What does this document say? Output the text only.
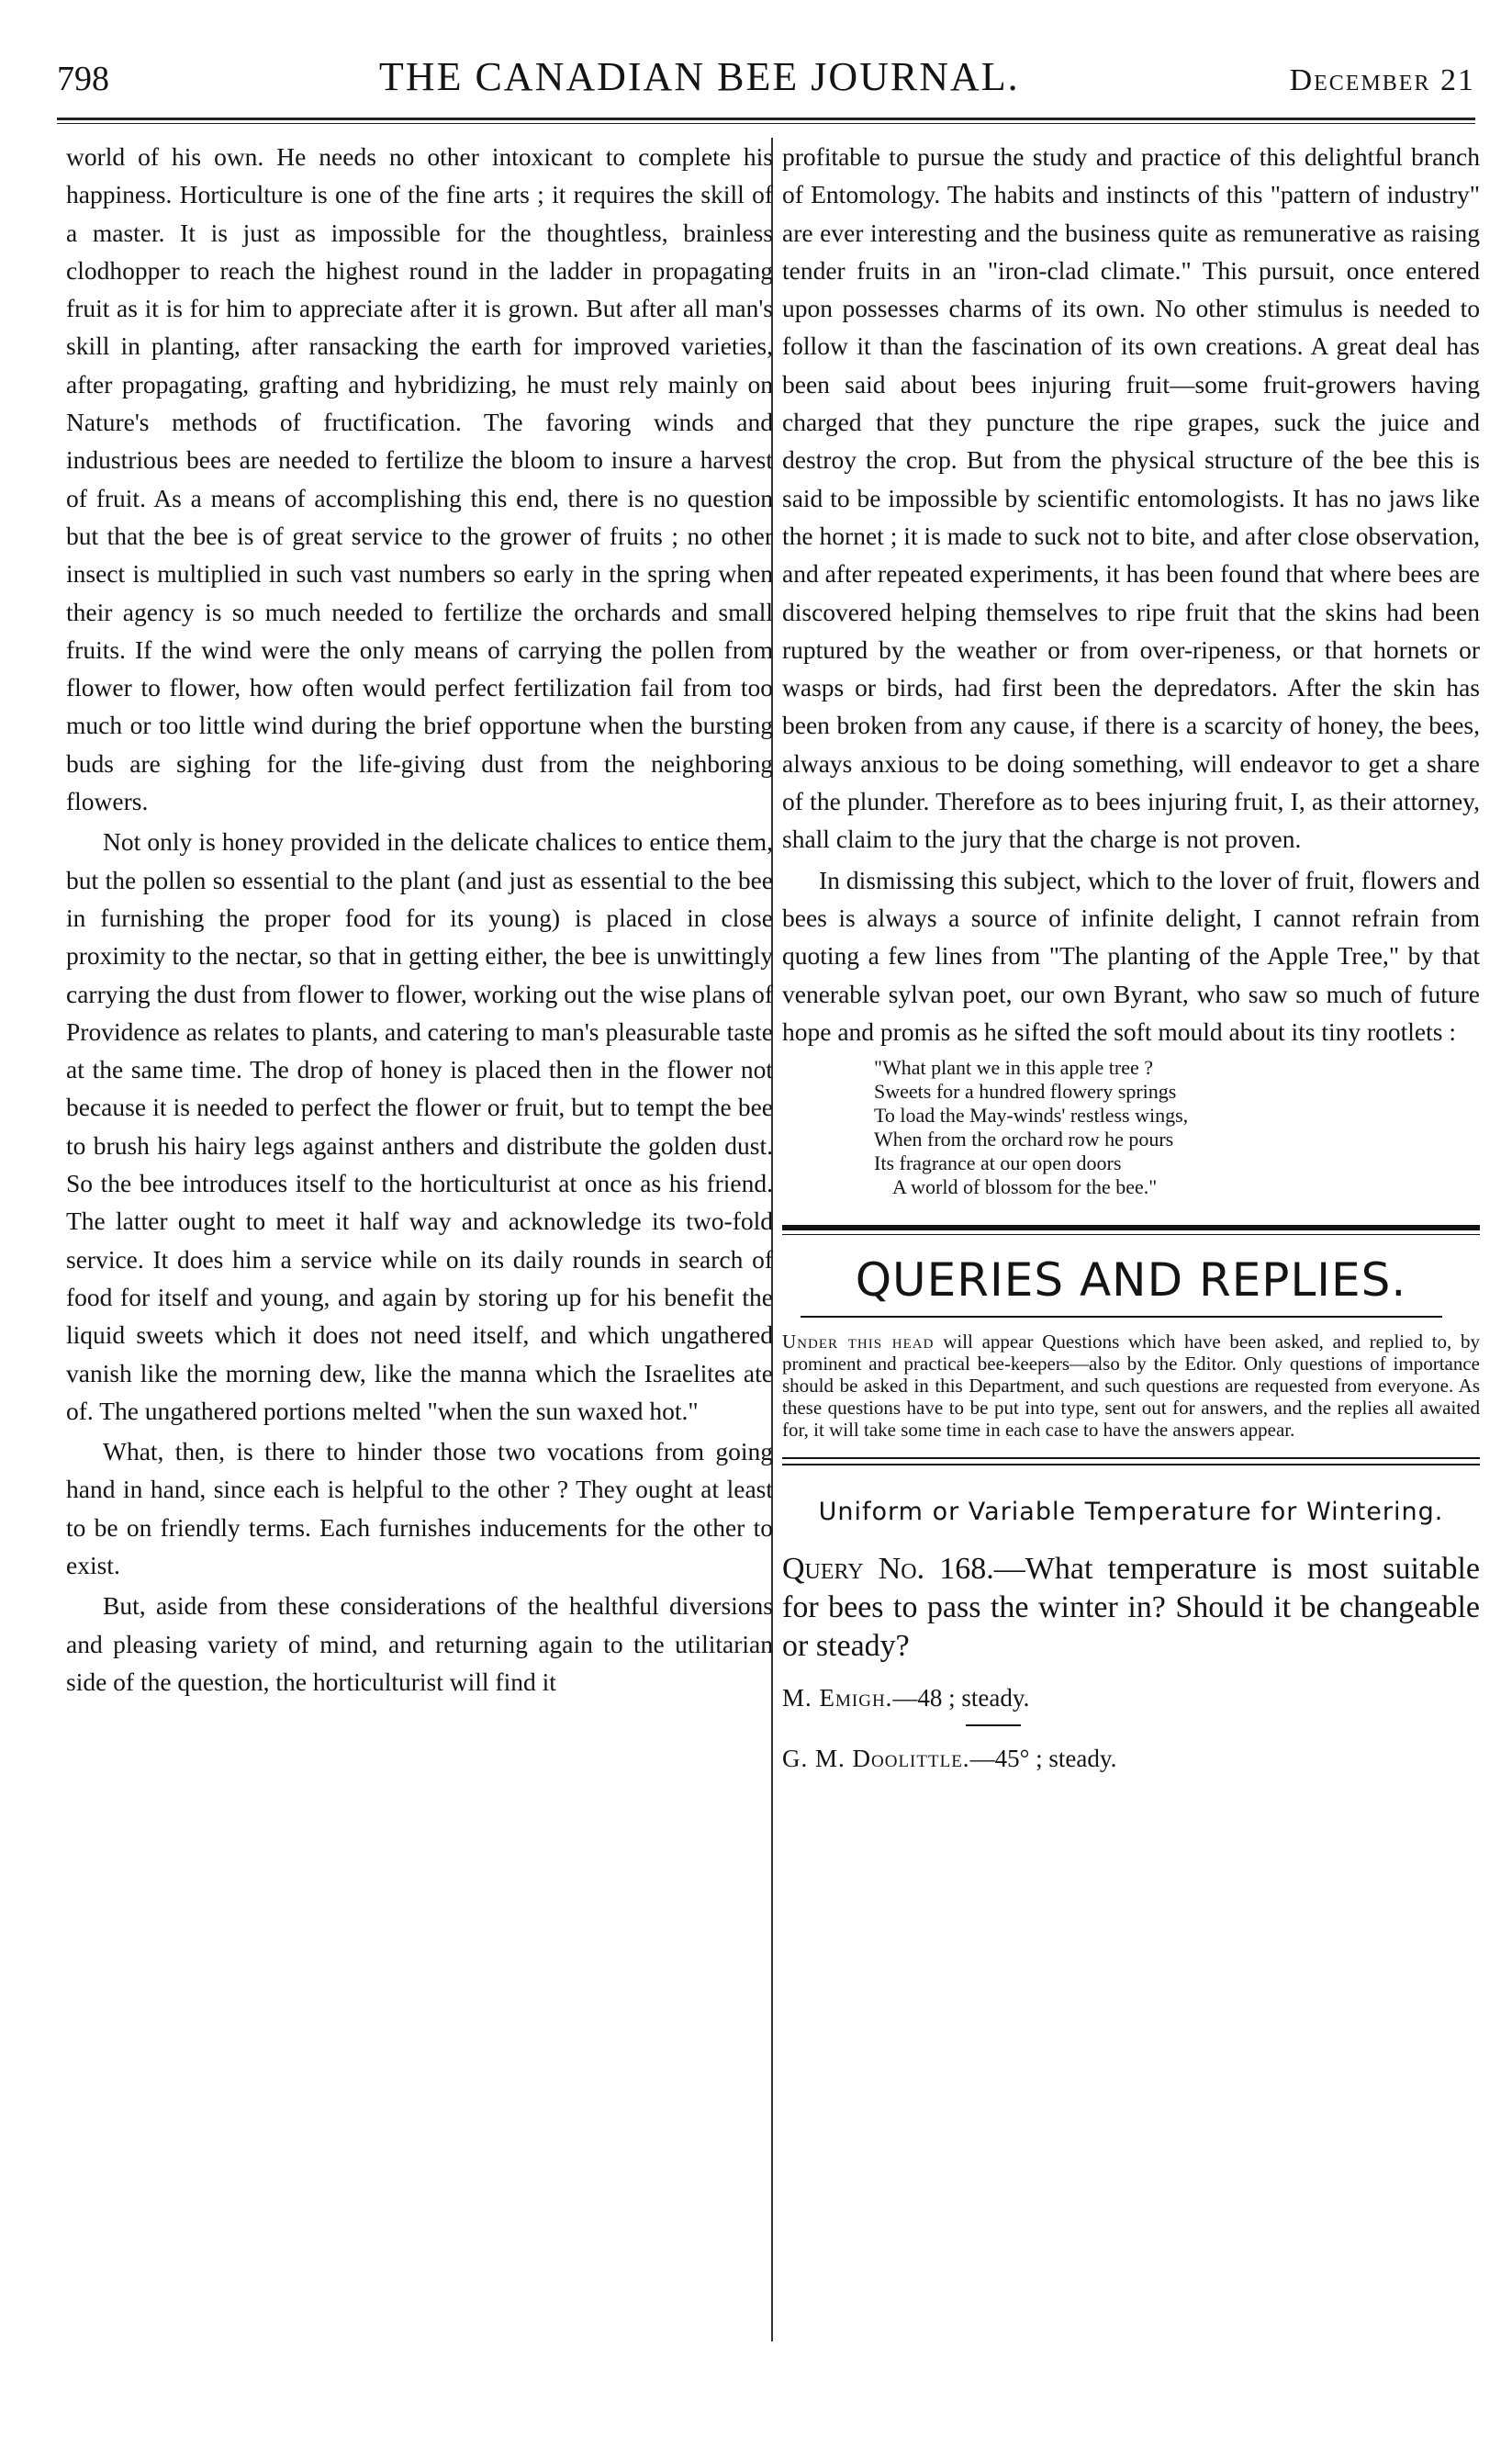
798	THE CANADIAN BEE JOURNAL.	December 21

world of his own. He needs no other intoxicant to complete his happiness. Horticulture is one of the fine arts ; it requires the skill of a master. It is just as impossible for the thoughtless, brainless clodhopper to reach the highest round in the ladder in propagating fruit as it is for him to appreciate after it is grown. But after all man's skill in planting, after ransacking the earth for improved varieties, after propagating, grafting and hybridizing, he must rely mainly on Nature's methods of fructification. The favoring winds and industrious bees are needed to fertilize the bloom to insure a harvest of fruit. As a means of accomplishing this end, there is no question but that the bee is of great service to the grower of fruits ; no other insect is multiplied in such vast numbers so early in the spring when their agency is so much needed to fertilize the orchards and small fruits. If the wind were the only means of carrying the pollen from flower to flower, how often would perfect fertilization fail from too much or too little wind during the brief opportune when the bursting buds are sighing for the life-giving dust from the neighboring flowers.

Not only is honey provided in the delicate chalices to entice them, but the pollen so essential to the plant (and just as essential to the bee in furnishing the proper food for its young) is placed in close proximity to the nectar, so that in getting either, the bee is unwittingly carrying the dust from flower to flower, working out the wise plans of Providence as relates to plants, and catering to man's pleasurable taste at the same time. The drop of honey is placed then in the flower not because it is needed to perfect the flower or fruit, but to tempt the bee to brush his hairy legs against anthers and distribute the golden dust. So the bee introduces itself to the horticulturist at once as his friend. The latter ought to meet it half way and acknowledge its two-fold service. It does him a service while on its daily rounds in search of food for itself and young, and again by storing up for his benefit the liquid sweets which it does not need itself, and which ungathered vanish like the morning dew, like the manna which the Israelites ate of. The ungathered portions melted "when the sun waxed hot."

What, then, is there to hinder those two vocations from going hand in hand, since each is helpful to the other ? They ought at least to be on friendly terms. Each furnishes inducements for the other to exist.

But, aside from these considerations of the healthful diversions and pleasing variety of mind, and returning again to the utilitarian side of the question, the horticulturist will find it

profitable to pursue the study and practice of this delightful branch of Entomology. The habits and instincts of this "pattern of industry" are ever interesting and the business quite as remunerative as raising tender fruits in an "iron-clad climate." This pursuit, once entered upon possesses charms of its own. No other stimulus is needed to follow it than the fascination of its own creations. A great deal has been said about bees injuring fruit—some fruit-growers having charged that they puncture the ripe grapes, suck the juice and destroy the crop. But from the physical structure of the bee this is said to be impossible by scientific entomologists. It has no jaws like the hornet ; it is made to suck not to bite, and after close observation, and after repeated experiments, it has been found that where bees are discovered helping themselves to ripe fruit that the skins had been ruptured by the weather or from over-ripeness, or that hornets or wasps or birds, had first been the depredators. After the skin has been broken from any cause, if there is a scarcity of honey, the bees, always anxious to be doing something, will endeavor to get a share of the plunder. Therefore as to bees injuring fruit, I, as their attorney, shall claim to the jury that the charge is not proven.

In dismissing this subject, which to the lover of fruit, flowers and bees is always a source of infinite delight, I cannot refrain from quoting a few lines from "The planting of the Apple Tree," by that venerable sylvan poet, our own Byrant, who saw so much of future hope and promis as he sifted the soft mould about its tiny rootlets :

"What plant we in this apple tree ?
Sweets for a hundred flowery springs
To load the May-winds' restless wings,
When from the orchard row he pours
Its fragrance at our open doors
A world of blossom for the bee."
QUERIES AND REPLIES.
Under this head will appear Questions which have been asked, and replied to, by prominent and practical bee-keepers—also by the Editor. Only questions of importance should be asked in this Department, and such questions are requested from everyone. As these questions have to be put into type, sent out for answers, and the replies all awaited for, it will take some time in each case to have the answers appear.
Uniform or Variable Temperature for Wintering.
Query No. 168.—What temperature is most suitable for bees to pass the winter in? Should it be changeable or steady?
M. Emigh.—48 ; steady.
G. M. Doolittle.—45° ; steady.
